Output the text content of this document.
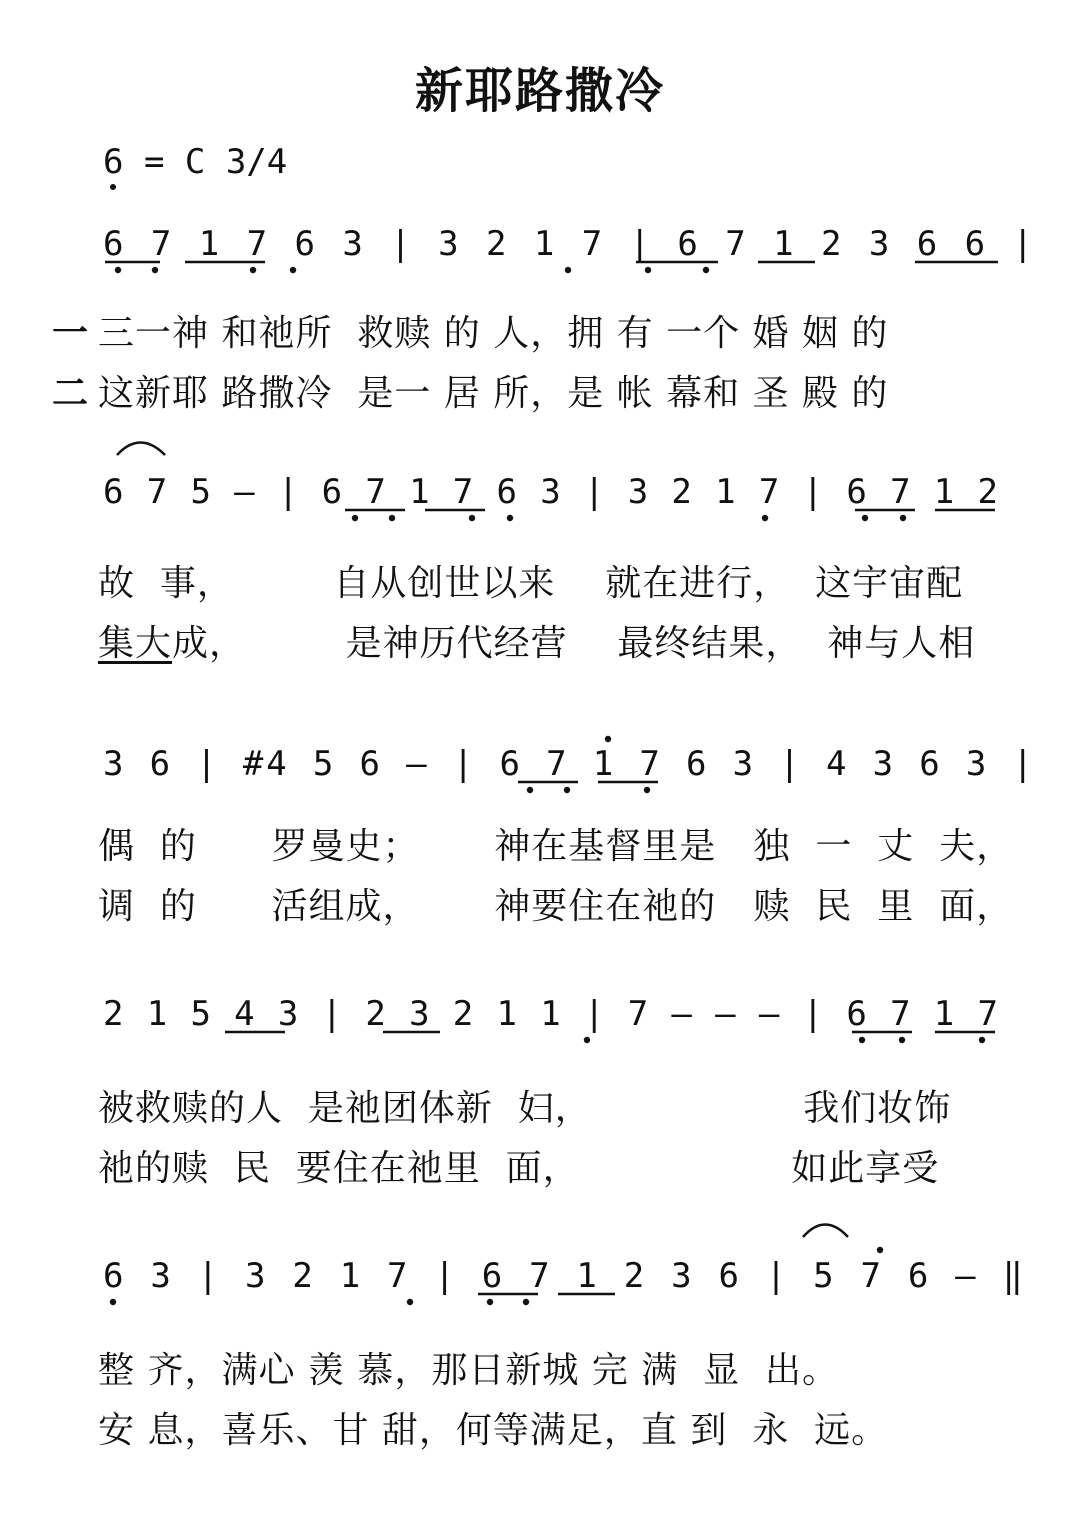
新耶路撒冷
6 = C 3/4
6 7 1 7 6 3 | 3 2 1 7 | 6 7 1 2 3 6 6 |
6 7 5 – | 6 7 1 7 6 3 | 3 2 1 7 | 6 7 1 2
3 6 | #4 5 6 – | 6 7 1 7 6 3 | 4 3 6 3 |
2 1 5 4 3 | 2 3 2 1 1 | 7 – – – | 6 7 1 7
6 3 | 3 2 1 7 | 6 7 1 2 3 6 | 5 7 6 – ‖
一
二
三一神 和祂所  救赎 的 人，拥 有 一个 婚 姻 的
这新耶 路撒冷  是一 居 所，是 帐 幕和 圣 殿 的
故  事，        自从创世以来    就在进行，  这宇宙配
集大成，        是神历代经营    最终结果，  神与人相
偶  的      罗曼史；      神在基督里是   独  一  丈  夫，
调  的      活组成，      神要住在祂的   赎  民  里  面，
被救赎的人  是祂团体新  妇，                 我们妆饰
祂的赎  民  要住在祂里  面，                 如此享受
整 齐，满心 羡 慕，那日新城 完 满  显  出。
安 息，喜乐、甘 甜，何等满足，直 到  永  远。
